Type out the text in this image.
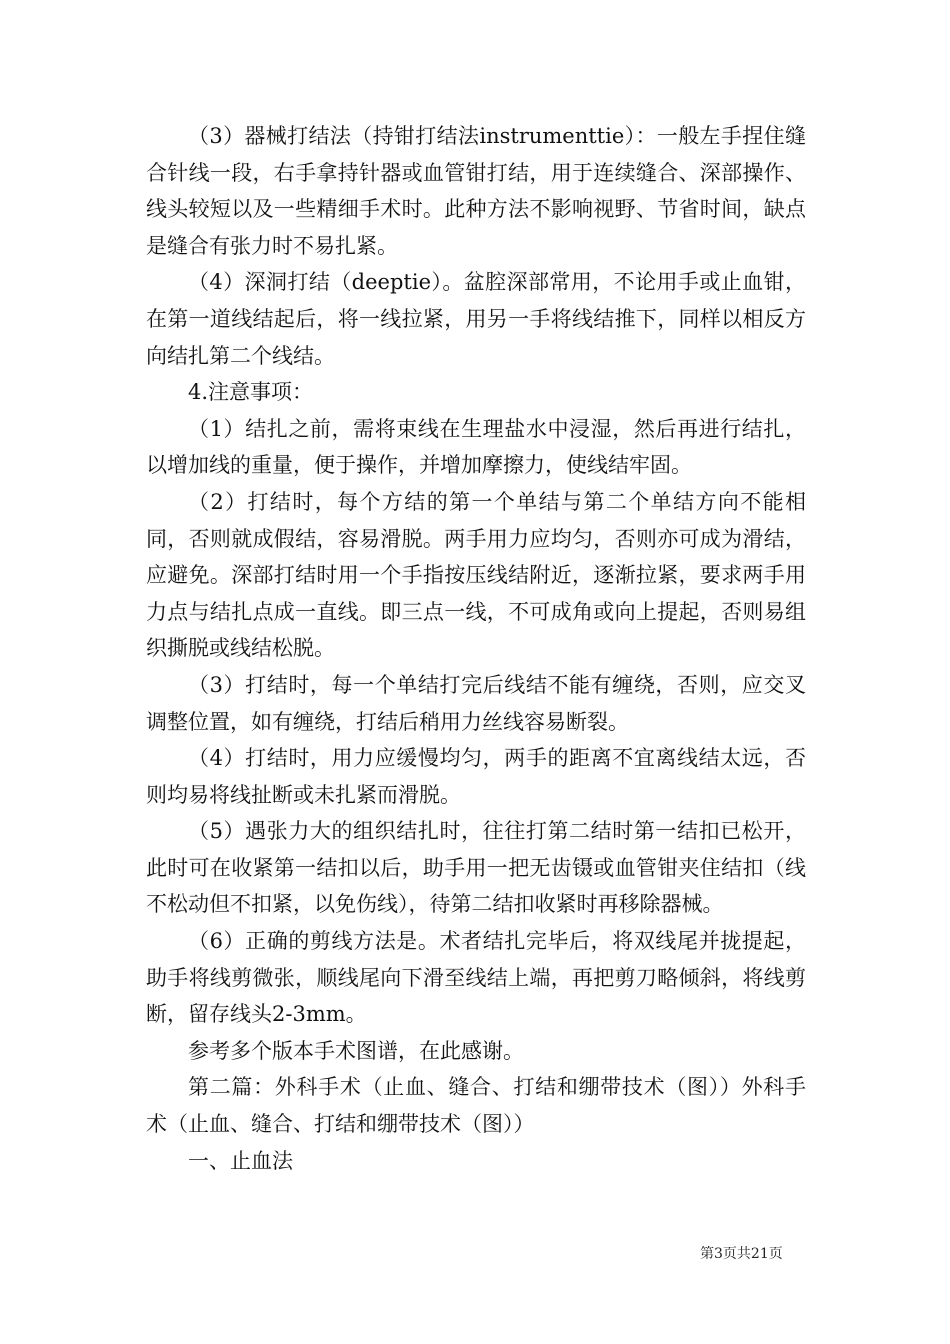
（3）器械打结法（持钳打结法instrumenttie）：一般左手捏住缝合针线一段，右手拿持针器或血管钳打结，用于连续缝合、深部操作、线头较短以及一些精细手术时。此种方法不影响视野、节省时间，缺点是缝合有张力时不易扎紧。

（4）深洞打结（deeptie）。盆腔深部常用，不论用手或止血钳，在第一道线结起后，将一线拉紧，用另一手将线结推下，同样以相反方向结扎第二个线结。

4.注意事项：

（1）结扎之前，需将束线在生理盐水中浸湿，然后再进行结扎，以增加线的重量，便于操作，并增加摩擦力，使线结牢固。

（2）打结时，每个方结的第一个单结与第二个单结方向不能相同，否则就成假结，容易滑脱。两手用力应均匀，否则亦可成为滑结，应避免。深部打结时用一个手指按压线结附近，逐渐拉紧，要求两手用力点与结扎点成一直线。即三点一线，不可成角或向上提起，否则易组织撕脱或线结松脱。

（3）打结时，每一个单结打完后线结不能有缠绕，否则，应交叉调整位置，如有缠绕，打结后稍用力丝线容易断裂。

（4）打结时，用力应缓慢均匀，两手的距离不宜离线结太远，否则均易将线扯断或未扎紧而滑脱。

（5）遇张力大的组织结扎时，往往打第二结时第一结扣已松开，此时可在收紧第一结扣以后，助手用一把无齿镊或血管钳夹住结扣（线不松动但不扣紧，以免伤线），待第二结扣收紧时再移除器械。

（6）正确的剪线方法是。术者结扎完毕后，将双线尾并拢提起，助手将线剪微张，顺线尾向下滑至线结上端，再把剪刀略倾斜，将线剪断，留存线头2-3mm。

参考多个版本手术图谱，在此感谢。

第二篇：外科手术（止血、缝合、打结和绷带技术（图））外科手术（止血、缝合、打结和绷带技术（图））

一、止血法

第3页共21页
